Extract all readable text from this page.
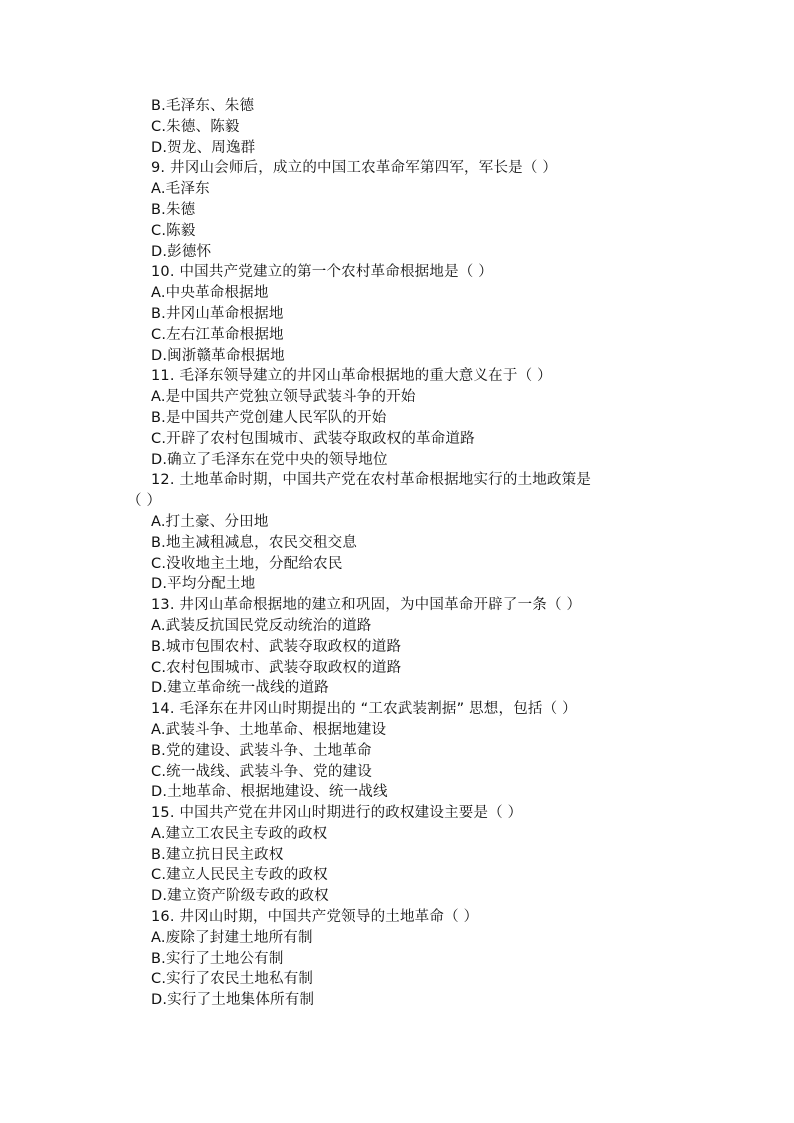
B.毛泽东、朱德
C.朱德、陈毅
D.贺龙、周逸群
9. 井冈山会师后，成立的中国工农革命军第四军，军长是（ ）
A.毛泽东
B.朱德
C.陈毅
D.彭德怀
10. 中国共产党建立的第一个农村革命根据地是（ ）
A.中央革命根据地
B.井冈山革命根据地
C.左右江革命根据地
D.闽浙赣革命根据地
11. 毛泽东领导建立的井冈山革命根据地的重大意义在于（ ）
A.是中国共产党独立领导武装斗争的开始
B.是中国共产党创建人民军队的开始
C.开辟了农村包围城市、武装夺取政权的革命道路
D.确立了毛泽东在党中央的领导地位
12. 土地革命时期，中国共产党在农村革命根据地实行的土地政策是
（ ）
A.打土豪、分田地
B.地主减租减息，农民交租交息
C.没收地主土地，分配给农民
D.平均分配土地
13. 井冈山革命根据地的建立和巩固，为中国革命开辟了一条（ ）
A.武装反抗国民党反动统治的道路
B.城市包围农村、武装夺取政权的道路
C.农村包围城市、武装夺取政权的道路
D.建立革命统一战线的道路
14. 毛泽东在井冈山时期提出的 “工农武装割据” 思想，包括（ ）
A.武装斗争、土地革命、根据地建设
B.党的建设、武装斗争、土地革命
C.统一战线、武装斗争、党的建设
D.土地革命、根据地建设、统一战线
15. 中国共产党在井冈山时期进行的政权建设主要是（ ）
A.建立工农民主专政的政权
B.建立抗日民主政权
C.建立人民民主专政的政权
D.建立资产阶级专政的政权
16. 井冈山时期，中国共产党领导的土地革命（ ）
A.废除了封建土地所有制
B.实行了土地公有制
C.实行了农民土地私有制
D.实行了土地集体所有制
